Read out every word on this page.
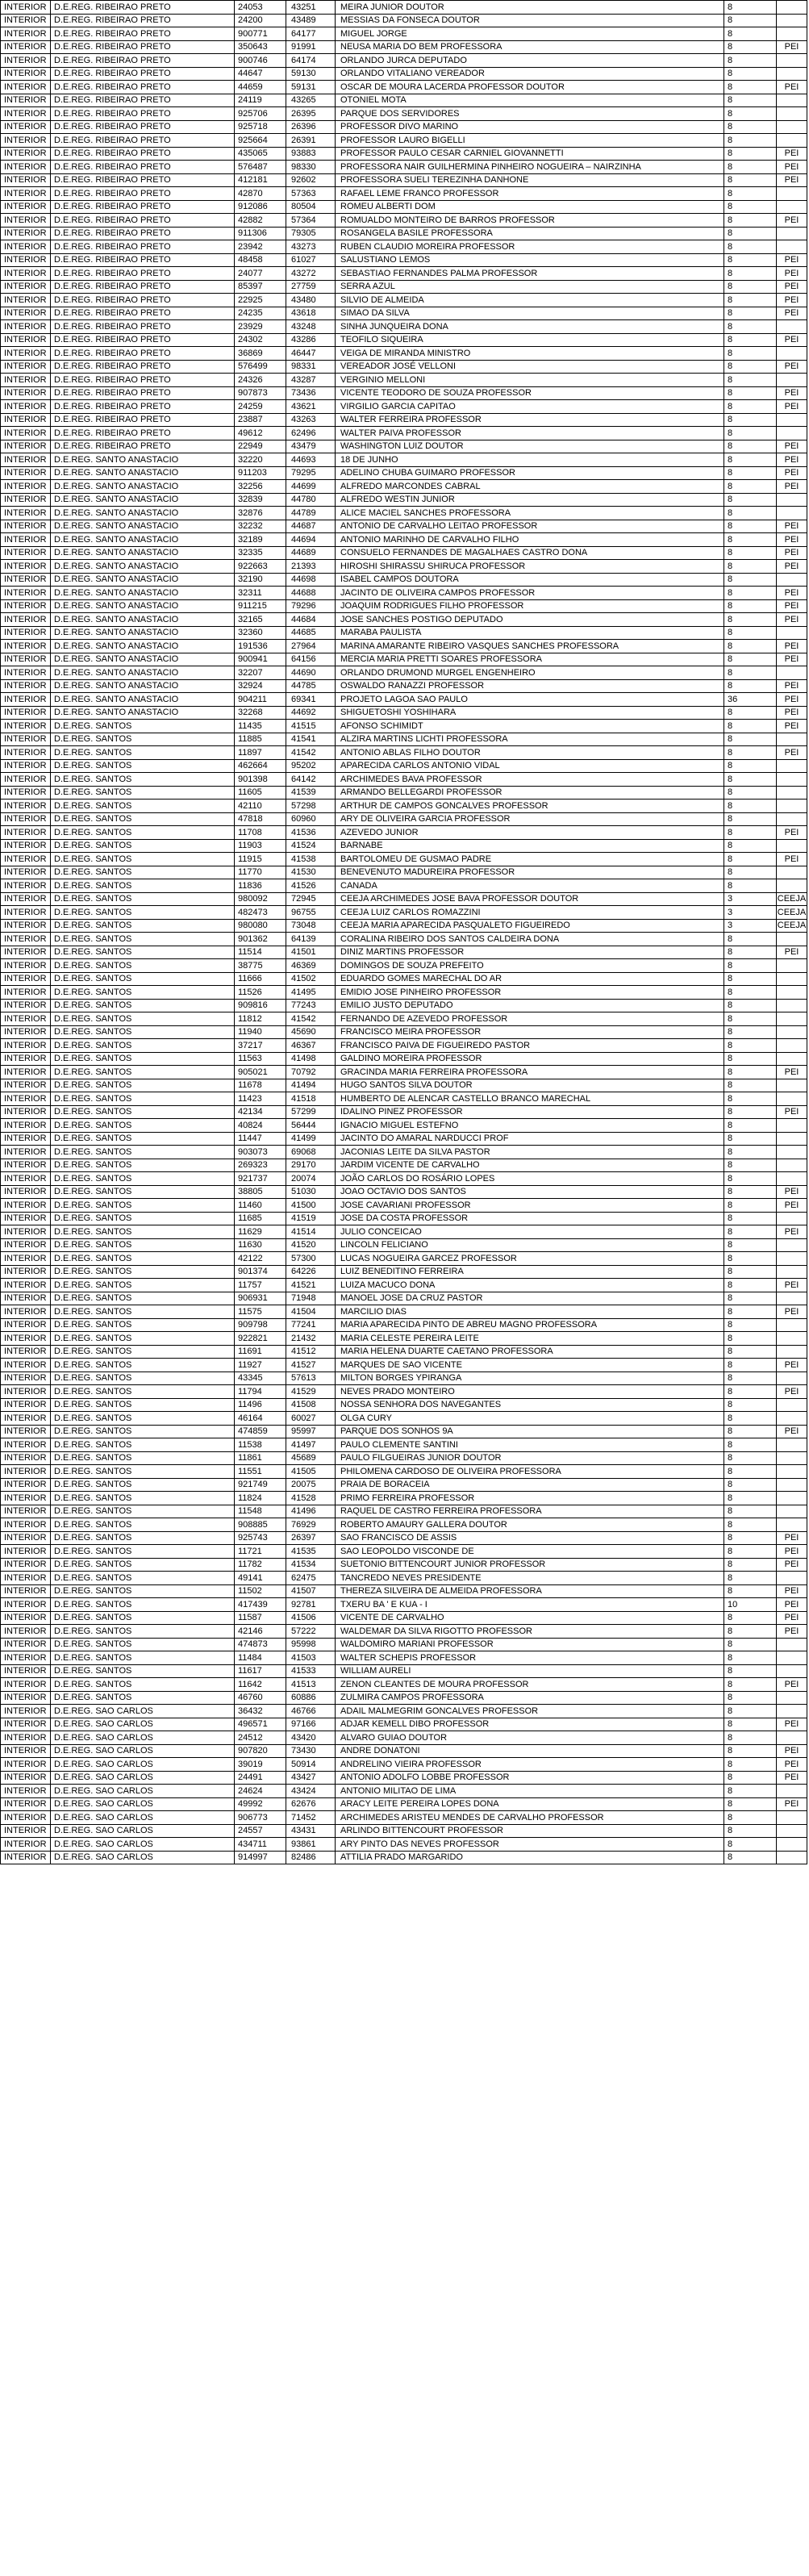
INTERIOR	D.E.REG. RIBEIRAO PRETO	24053	43251	MEIRA JUNIOR DOUTOR	8	
INTERIOR	D.E.REG. RIBEIRAO PRETO	24200	43489	MESSIAS DA FONSECA DOUTOR	8	
INTERIOR	D.E.REG. RIBEIRAO PRETO	900771	64177	MIGUEL JORGE	8	
INTERIOR	D.E.REG. RIBEIRAO PRETO	350643	91991	NEUSA MARIA DO BEM PROFESSORA	8	PEI
INTERIOR	D.E.REG. RIBEIRAO PRETO	900746	64174	ORLANDO JURCA DEPUTADO	8	
INTERIOR	D.E.REG. RIBEIRAO PRETO	44647	59130	ORLANDO VITALIANO VEREADOR	8	
INTERIOR	D.E.REG. RIBEIRAO PRETO	44659	59131	OSCAR DE MOURA LACERDA PROFESSOR DOUTOR	8	PEI
INTERIOR	D.E.REG. RIBEIRAO PRETO	24119	43265	OTONIEL MOTA	8	
INTERIOR	D.E.REG. RIBEIRAO PRETO	925706	26395	PARQUE DOS SERVIDORES	8	
INTERIOR	D.E.REG. RIBEIRAO PRETO	925718	26396	PROFESSOR DIVO MARINO	8	
INTERIOR	D.E.REG. RIBEIRAO PRETO	925664	26391	PROFESSOR LAURO BIGELLI	8	
INTERIOR	D.E.REG. RIBEIRAO PRETO	435065	93883	PROFESSOR PAULO CESAR CARNIEL GIOVANNETTI	8	PEI
INTERIOR	D.E.REG. RIBEIRAO PRETO	576487	98330	PROFESSORA NAIR GUILHERMINA PINHEIRO NOGUEIRA – NAIRZINHA	8	PEI
INTERIOR	D.E.REG. RIBEIRAO PRETO	412181	92602	PROFESSORA SUELI TEREZINHA DANHONE	8	PEI
INTERIOR	D.E.REG. RIBEIRAO PRETO	42870	57363	RAFAEL LEME FRANCO PROFESSOR	8	
INTERIOR	D.E.REG. RIBEIRAO PRETO	912086	80504	ROMEU ALBERTI DOM	8	
INTERIOR	D.E.REG. RIBEIRAO PRETO	42882	57364	ROMUALDO MONTEIRO DE BARROS PROFESSOR	8	PEI
INTERIOR	D.E.REG. RIBEIRAO PRETO	911306	79305	ROSANGELA BASILE PROFESSORA	8	
INTERIOR	D.E.REG. RIBEIRAO PRETO	23942	43273	RUBEN CLAUDIO MOREIRA PROFESSOR	8	
INTERIOR	D.E.REG. RIBEIRAO PRETO	48458	61027	SALUSTIANO LEMOS	8	PEI
INTERIOR	D.E.REG. RIBEIRAO PRETO	24077	43272	SEBASTIAO FERNANDES PALMA PROFESSOR	8	PEI
INTERIOR	D.E.REG. RIBEIRAO PRETO	85397	27759	SERRA AZUL	8	PEI
INTERIOR	D.E.REG. RIBEIRAO PRETO	22925	43480	SILVIO DE ALMEIDA	8	PEI
INTERIOR	D.E.REG. RIBEIRAO PRETO	24235	43618	SIMAO DA SILVA	8	PEI
INTERIOR	D.E.REG. RIBEIRAO PRETO	23929	43248	SINHA JUNQUEIRA DONA	8	
INTERIOR	D.E.REG. RIBEIRAO PRETO	24302	43286	TEOFILO SIQUEIRA	8	PEI
INTERIOR	D.E.REG. RIBEIRAO PRETO	36869	46447	VEIGA DE MIRANDA MINISTRO	8	
INTERIOR	D.E.REG. RIBEIRAO PRETO	576499	98331	VEREADOR JOSÉ VELLONI	8	PEI
INTERIOR	D.E.REG. RIBEIRAO PRETO	24326	43287	VERGINIO MELLONI	8	
INTERIOR	D.E.REG. RIBEIRAO PRETO	907873	73436	VICENTE TEODORO DE SOUZA PROFESSOR	8	PEI
INTERIOR	D.E.REG. RIBEIRAO PRETO	24259	43621	VIRGILIO GARCIA CAPITAO	8	PEI
INTERIOR	D.E.REG. RIBEIRAO PRETO	23887	43263	WALTER FERREIRA PROFESSOR	8	
INTERIOR	D.E.REG. RIBEIRAO PRETO	49612	62496	WALTER PAIVA PROFESSOR	8	
INTERIOR	D.E.REG. RIBEIRAO PRETO	22949	43479	WASHINGTON LUIZ DOUTOR	8	PEI
INTERIOR	D.E.REG. SANTO ANASTACIO	32220	44693	18 DE JUNHO	8	PEI
INTERIOR	D.E.REG. SANTO ANASTACIO	911203	79295	ADELINO CHUBA GUIMARO PROFESSOR	8	PEI
INTERIOR	D.E.REG. SANTO ANASTACIO	32256	44699	ALFREDO MARCONDES CABRAL	8	PEI
INTERIOR	D.E.REG. SANTO ANASTACIO	32839	44780	ALFREDO WESTIN JUNIOR	8	
INTERIOR	D.E.REG. SANTO ANASTACIO	32876	44789	ALICE MACIEL SANCHES PROFESSORA	8	
INTERIOR	D.E.REG. SANTO ANASTACIO	32232	44687	ANTONIO DE CARVALHO LEITAO PROFESSOR	8	PEI
INTERIOR	D.E.REG. SANTO ANASTACIO	32189	44694	ANTONIO MARINHO DE CARVALHO FILHO	8	PEI
INTERIOR	D.E.REG. SANTO ANASTACIO	32335	44689	CONSUELO FERNANDES DE MAGALHAES CASTRO DONA	8	PEI
INTERIOR	D.E.REG. SANTO ANASTACIO	922663	21393	HIROSHI SHIRASSU SHIRUCA PROFESSOR	8	PEI
INTERIOR	D.E.REG. SANTO ANASTACIO	32190	44698	ISABEL CAMPOS DOUTORA	8	
INTERIOR	D.E.REG. SANTO ANASTACIO	32311	44688	JACINTO DE OLIVEIRA CAMPOS PROFESSOR	8	PEI
INTERIOR	D.E.REG. SANTO ANASTACIO	911215	79296	JOAQUIM RODRIGUES FILHO PROFESSOR	8	PEI
INTERIOR	D.E.REG. SANTO ANASTACIO	32165	44684	JOSE SANCHES POSTIGO DEPUTADO	8	PEI
INTERIOR	D.E.REG. SANTO ANASTACIO	32360	44685	MARABA PAULISTA	8	
INTERIOR	D.E.REG. SANTO ANASTACIO	191536	27964	MARINA AMARANTE RIBEIRO VASQUES SANCHES PROFESSORA	8	PEI
INTERIOR	D.E.REG. SANTO ANASTACIO	900941	64156	MERCIA MARIA PRETTI SOARES PROFESSORA	8	PEI
INTERIOR	D.E.REG. SANTO ANASTACIO	32207	44690	ORLANDO DRUMOND MURGEL ENGENHEIRO	8	
INTERIOR	D.E.REG. SANTO ANASTACIO	32924	44785	OSWALDO RANAZZI PROFESSOR	8	PEI
INTERIOR	D.E.REG. SANTO ANASTACIO	904211	69341	PROJETO LAGOA SAO PAULO	36	PEI
INTERIOR	D.E.REG. SANTO ANASTACIO	32268	44692	SHIGUETOSHI YOSHIHARA	8	PEI
INTERIOR	D.E.REG. SANTOS	11435	41515	AFONSO SCHIMIDT	8	PEI
INTERIOR	D.E.REG. SANTOS	11885	41541	ALZIRA MARTINS LICHTI PROFESSORA	8	
INTERIOR	D.E.REG. SANTOS	11897	41542	ANTONIO ABLAS FILHO DOUTOR	8	PEI
INTERIOR	D.E.REG. SANTOS	462664	95202	APARECIDA CARLOS ANTONIO VIDAL	8	
INTERIOR	D.E.REG. SANTOS	901398	64142	ARCHIMEDES BAVA PROFESSOR	8	
INTERIOR	D.E.REG. SANTOS	11605	41539	ARMANDO BELLEGARDI PROFESSOR	8	
INTERIOR	D.E.REG. SANTOS	42110	57298	ARTHUR DE CAMPOS GONCALVES PROFESSOR	8	
INTERIOR	D.E.REG. SANTOS	47818	60960	ARY DE OLIVEIRA GARCIA PROFESSOR	8	
INTERIOR	D.E.REG. SANTOS	11708	41536	AZEVEDO JUNIOR	8	PEI
INTERIOR	D.E.REG. SANTOS	11903	41524	BARNABE	8	
INTERIOR	D.E.REG. SANTOS	11915	41538	BARTOLOMEU DE GUSMAO PADRE	8	PEI
INTERIOR	D.E.REG. SANTOS	11770	41530	BENEVENUTO MADUREIRA PROFESSOR	8	
INTERIOR	D.E.REG. SANTOS	11836	41526	CANADA	8	
INTERIOR	D.E.REG. SANTOS	980092	72945	CEEJA ARCHIMEDES JOSE BAVA PROFESSOR DOUTOR	3	CEEJA
INTERIOR	D.E.REG. SANTOS	482473	96755	CEEJA LUIZ CARLOS ROMAZZINI	3	CEEJA
INTERIOR	D.E.REG. SANTOS	980080	73048	CEEJA MARIA APARECIDA PASQUALETO FIGUEIREDO	3	CEEJA
INTERIOR	D.E.REG. SANTOS	901362	64139	CORALINA RIBEIRO DOS SANTOS CALDEIRA DONA	8	
INTERIOR	D.E.REG. SANTOS	11514	41501	DINIZ MARTINS PROFESSOR	8	PEI
INTERIOR	D.E.REG. SANTOS	38775	46369	DOMINGOS DE SOUZA PREFEITO	8	
INTERIOR	D.E.REG. SANTOS	11666	41502	EDUARDO GOMES MARECHAL DO AR	8	
INTERIOR	D.E.REG. SANTOS	11526	41495	EMIDIO JOSE PINHEIRO PROFESSOR	8	
INTERIOR	D.E.REG. SANTOS	909816	77243	EMILIO JUSTO DEPUTADO	8	
INTERIOR	D.E.REG. SANTOS	11812	41542	FERNANDO DE AZEVEDO PROFESSOR	8	
INTERIOR	D.E.REG. SANTOS	11940	45690	FRANCISCO MEIRA PROFESSOR	8	
INTERIOR	D.E.REG. SANTOS	37217	46367	FRANCISCO PAIVA DE FIGUEIREDO PASTOR	8	
INTERIOR	D.E.REG. SANTOS	11563	41498	GALDINO MOREIRA PROFESSOR	8	
INTERIOR	D.E.REG. SANTOS	905021	70792	GRACINDA MARIA FERREIRA PROFESSORA	8	PEI
INTERIOR	D.E.REG. SANTOS	11678	41494	HUGO SANTOS SILVA DOUTOR	8	
INTERIOR	D.E.REG. SANTOS	11423	41518	HUMBERTO DE ALENCAR CASTELLO BRANCO MARECHAL	8	
INTERIOR	D.E.REG. SANTOS	42134	57299	IDALINO PINEZ PROFESSOR	8	PEI
INTERIOR	D.E.REG. SANTOS	40824	56444	IGNACIO MIGUEL ESTEFNO	8	
INTERIOR	D.E.REG. SANTOS	11447	41499	JACINTO DO AMARAL NARDUCCI PROF	8	
INTERIOR	D.E.REG. SANTOS	903073	69068	JACONIAS LEITE DA SILVA PASTOR	8	
INTERIOR	D.E.REG. SANTOS	269323	29170	JARDIM VICENTE DE CARVALHO	8	
INTERIOR	D.E.REG. SANTOS	921737	20074	JOÃO CARLOS DO ROSÁRIO LOPES	8	
INTERIOR	D.E.REG. SANTOS	38805	51030	JOAO OCTAVIO DOS SANTOS	8	PEI
INTERIOR	D.E.REG. SANTOS	11460	41500	JOSE CAVARIANI PROFESSOR	8	PEI
INTERIOR	D.E.REG. SANTOS	11685	41519	JOSE DA COSTA PROFESSOR	8	
INTERIOR	D.E.REG. SANTOS	11629	41514	JULIO CONCEICAO	8	PEI
INTERIOR	D.E.REG. SANTOS	11630	41520	LINCOLN FELICIANO	8	
INTERIOR	D.E.REG. SANTOS	42122	57300	LUCAS NOGUEIRA GARCEZ PROFESSOR	8	
INTERIOR	D.E.REG. SANTOS	901374	64226	LUIZ BENEDITINO FERREIRA	8	
INTERIOR	D.E.REG. SANTOS	11757	41521	LUIZA MACUCO DONA	8	PEI
INTERIOR	D.E.REG. SANTOS	906931	71948	MANOEL JOSE DA CRUZ PASTOR	8	
INTERIOR	D.E.REG. SANTOS	11575	41504	MARCILIO DIAS	8	PEI
INTERIOR	D.E.REG. SANTOS	909798	77241	MARIA APARECIDA PINTO DE ABREU MAGNO PROFESSORA	8	
INTERIOR	D.E.REG. SANTOS	922821	21432	MARIA CELESTE PEREIRA LEITE	8	
INTERIOR	D.E.REG. SANTOS	11691	41512	MARIA HELENA DUARTE CAETANO PROFESSORA	8	
INTERIOR	D.E.REG. SANTOS	11927	41527	MARQUES DE SAO VICENTE	8	PEI
INTERIOR	D.E.REG. SANTOS	43345	57613	MILTON BORGES YPIRANGA	8	
INTERIOR	D.E.REG. SANTOS	11794	41529	NEVES PRADO MONTEIRO	8	PEI
INTERIOR	D.E.REG. SANTOS	11496	41508	NOSSA SENHORA DOS NAVEGANTES	8	
INTERIOR	D.E.REG. SANTOS	46164	60027	OLGA CURY	8	
INTERIOR	D.E.REG. SANTOS	474859	95997	PARQUE DOS SONHOS 9A	8	PEI
INTERIOR	D.E.REG. SANTOS	11538	41497	PAULO CLEMENTE SANTINI	8	
INTERIOR	D.E.REG. SANTOS	11861	45689	PAULO FILGUEIRAS JUNIOR DOUTOR	8	
INTERIOR	D.E.REG. SANTOS	11551	41505	PHILOMENA CARDOSO DE OLIVEIRA PROFESSORA	8	
INTERIOR	D.E.REG. SANTOS	921749	20075	PRAIA DE BORACEIA	8	
INTERIOR	D.E.REG. SANTOS	11824	41528	PRIMO FERREIRA PROFESSOR	8	
INTERIOR	D.E.REG. SANTOS	11548	41496	RAQUEL DE CASTRO FERREIRA PROFESSORA	8	
INTERIOR	D.E.REG. SANTOS	908885	76929	ROBERTO AMAURY GALLERA DOUTOR	8	
INTERIOR	D.E.REG. SANTOS	925743	26397	SAO FRANCISCO DE ASSIS	8	PEI
INTERIOR	D.E.REG. SANTOS	11721	41535	SAO LEOPOLDO VISCONDE DE	8	PEI
INTERIOR	D.E.REG. SANTOS	11782	41534	SUETONIO BITTENCOURT JUNIOR PROFESSOR	8	PEI
INTERIOR	D.E.REG. SANTOS	49141	62475	TANCREDO NEVES PRESIDENTE	8	
INTERIOR	D.E.REG. SANTOS	11502	41507	THEREZA SILVEIRA DE ALMEIDA PROFESSORA	8	PEI
INTERIOR	D.E.REG. SANTOS	417439	92781	TXERU BA ' E KUA - I	10	PEI
INTERIOR	D.E.REG. SANTOS	11587	41506	VICENTE DE CARVALHO	8	PEI
INTERIOR	D.E.REG. SANTOS	42146	57222	WALDEMAR DA SILVA RIGOTTO PROFESSOR	8	PEI
INTERIOR	D.E.REG. SANTOS	474873	95998	WALDOMIRO MARIANI PROFESSOR	8	
INTERIOR	D.E.REG. SANTOS	11484	41503	WALTER SCHEPIS PROFESSOR	8	
INTERIOR	D.E.REG. SANTOS	11617	41533	WILLIAM AURELI	8	
INTERIOR	D.E.REG. SANTOS	11642	41513	ZENON CLEANTES DE MOURA PROFESSOR	8	PEI
INTERIOR	D.E.REG. SANTOS	46760	60886	ZULMIRA CAMPOS PROFESSORA	8	
INTERIOR	D.E.REG. SAO CARLOS	36432	46766	ADAIL MALMEGRIM GONCALVES PROFESSOR	8	
INTERIOR	D.E.REG. SAO CARLOS	496571	97166	ADJAR KEMELL DIBO PROFESSOR	8	PEI
INTERIOR	D.E.REG. SAO CARLOS	24512	43420	ALVARO GUIAO DOUTOR	8	
INTERIOR	D.E.REG. SAO CARLOS	907820	73430	ANDRE DONATONI	8	PEI
INTERIOR	D.E.REG. SAO CARLOS	39019	50914	ANDRELINO VIEIRA PROFESSOR	8	PEI
INTERIOR	D.E.REG. SAO CARLOS	24491	43427	ANTONIO ADOLFO LOBBE PROFESSOR	8	PEI
INTERIOR	D.E.REG. SAO CARLOS	24624	43424	ANTONIO MILITAO DE LIMA	8	
INTERIOR	D.E.REG. SAO CARLOS	49992	62676	ARACY LEITE PEREIRA LOPES DONA	8	PEI
INTERIOR	D.E.REG. SAO CARLOS	906773	71452	ARCHIMEDES ARISTEU MENDES DE CARVALHO PROFESSOR	8	
INTERIOR	D.E.REG. SAO CARLOS	24557	43431	ARLINDO BITTENCOURT PROFESSOR	8	
INTERIOR	D.E.REG. SAO CARLOS	434711	93861	ARY PINTO DAS NEVES PROFESSOR	8	
INTERIOR	D.E.REG. SAO CARLOS	914997	82486	ATTILIA PRADO MARGARIDO	8	
